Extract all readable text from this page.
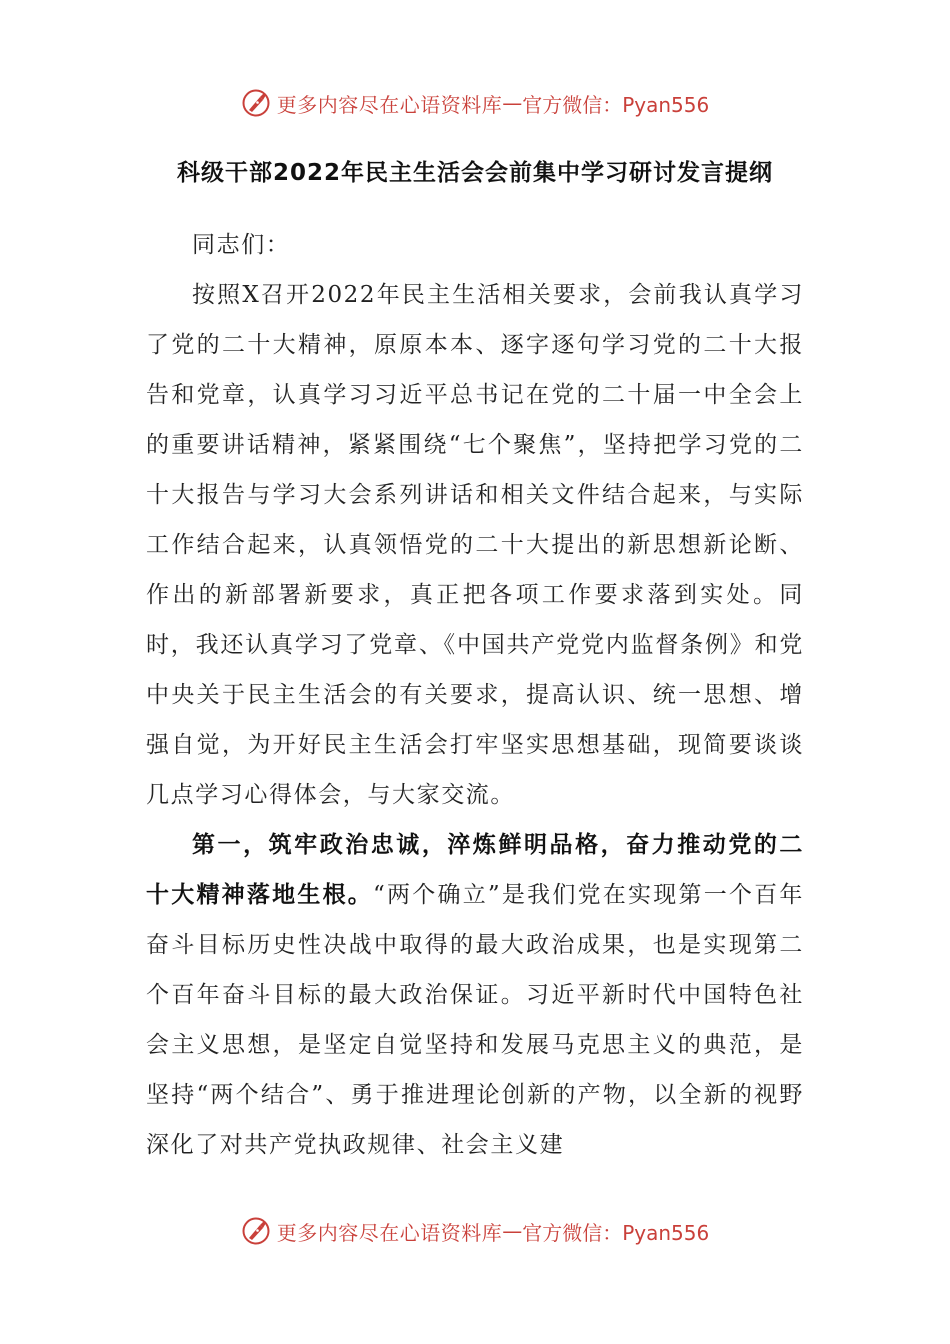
更多内容尽在心语资料库 — 官方微信：Pyan556
科级干部2022年民主生活会会前集中学习研讨发言提纲

同志们：

按照X召开2022年民主生活相关要求，会前我认真学习了党的二十大精神，原原本本、逐字逐句学习党的二十大报告和党章，认真学习习近平总书记在党的二十届一中全会上的重要讲话精神，紧紧围绕“七个聚焦”，坚持把学习党的二十大报告与学习大会系列讲话和相关文件结合起来，与实际工作结合起来，认真领悟党的二十大提出的新思想新论断、作出的新部署新要求，真正把各项工作要求落到实处。同时，我还认真学习了党章、《中国共产党党内监督条例》和党中央关于民主生活会的有关要求，提高认识、统一思想、增强自觉，为开好民主生活会打牢坚实思想基础，现简要谈谈几点学习心得体会，与大家交流。

第一，筑牢政治忠诚，淬炼鲜明品格，奋力推动党的二十大精神落地生根。“两个确立”是我们党在实现第一个百年奋斗目标历史性决战中取得的最大政治成果，也是实现第二个百年奋斗目标的最大政治保证。习近平新时代中国特色社会主义思想，是坚定自觉坚持和发展马克思主义的典范，是坚持“两个结合”、勇于推进理论创新的产物，以全新的视野深化了对共产党执政规律、社会主义建

更多内容尽在心语资料库 — 官方微信：Pyan556
